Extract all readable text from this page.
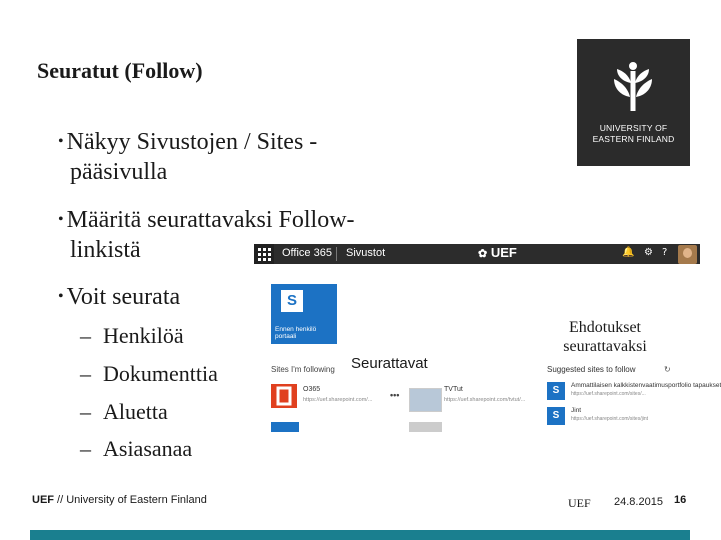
Seuratut (Follow)
UNIVERSITY OF
EASTERN FINLAND
• Näkyy Sivustojen / Sites -
pääsivulla
• Määritä seurattavaksi Follow-
linkistä
• Voit seurata
– Henkilöä
– Dokumenttia
– Aluetta
– Asiasanaa
Office 365 Sivustot	✿ UEF	🔔 ⚙ ?
S
Ennen henkilö portaali
Sites I'm following
O365
https://uef.sharepoint.com/... •••
TVTut
https://uef.sharepoint.com/tvtut/...
Suggested sites to follow	↻
S	Ammattilaisen kalkkistenvaatimusportfolio tapaukset
https://uef.sharepoint.com/sites/...
S	Jint
https://uef.sharepoint.com/sites/jint
Seurattavat
Ehdotukset
seurattavaksi
UEF // University of Eastern Finland	UEF 24.8.2015 16
